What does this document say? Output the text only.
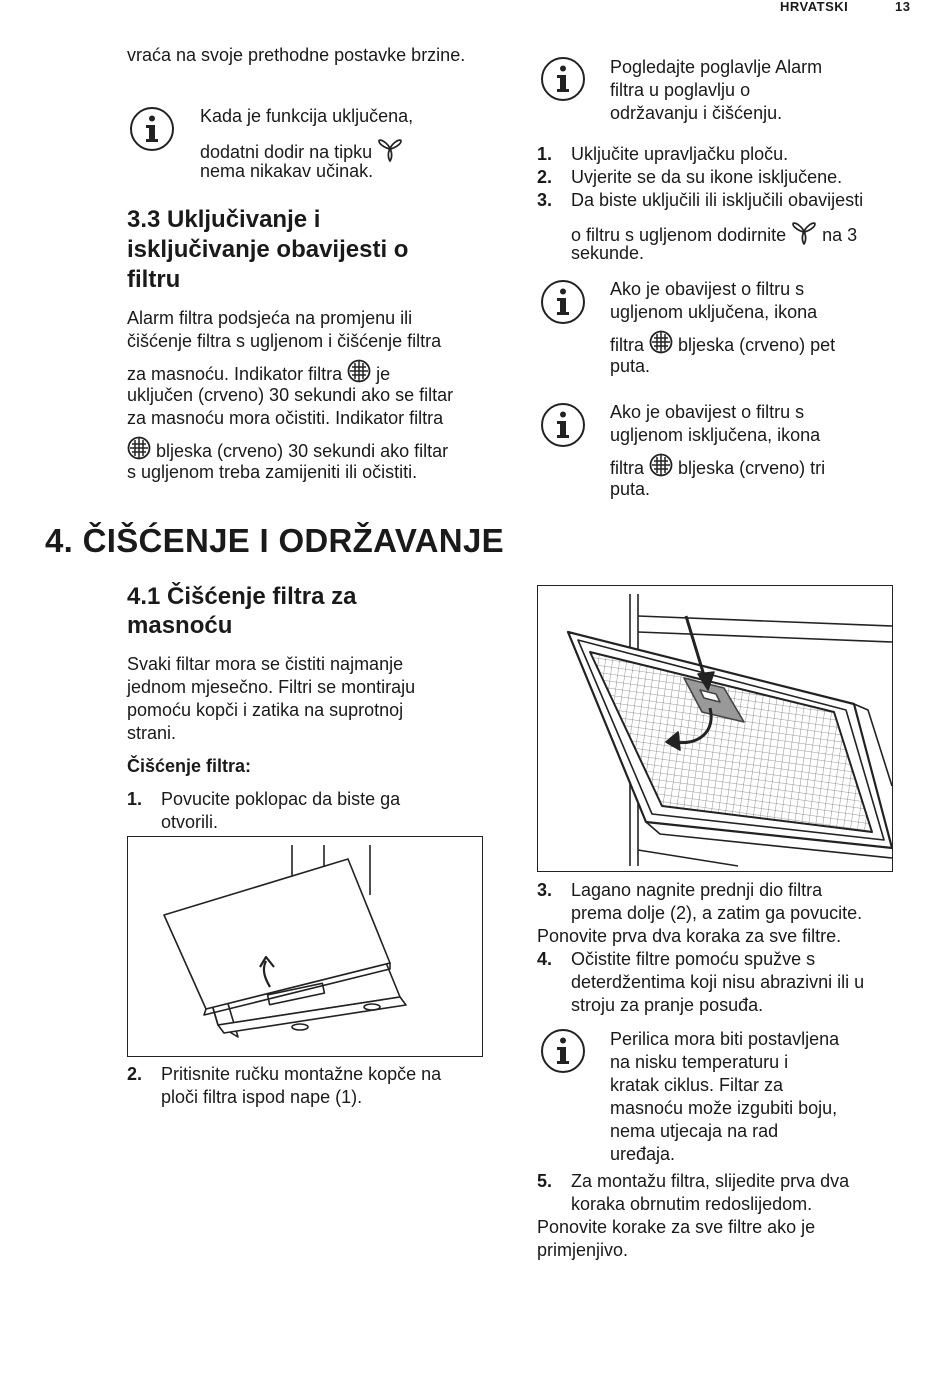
HRVATSKI	13

vraća na svoje prethodne postavke brzine.

Kada je funkcija uključena,
dodatni dodir na tipku
nema nikakav učinak.
3.3 Uključivanje i
isključivanje obavijesti o
filtru
Alarm filtra podsjeća na promjenu ili
čišćenje filtra s ugljenom i čišćenje filtra
za masnoću. Indikator filtra je
uključen (crveno) 30 sekundi ako se filtar
za masnoću mora očistiti. Indikator filtra
bljeska (crveno) 30 sekundi ako filtar
s ugljenom treba zamijeniti ili očistiti.
Pogledajte poglavlje Alarm
filtra u poglavlju o
održavanju i čišćenju.
1. Uključite upravljačku ploču.
2. Uvjerite se da su ikone isključene.
3. Da biste uključili ili isključili obavijesti
o filtru s ugljenom dodirnite na 3
sekunde.
Ako je obavijest o filtru s
ugljenom uključena, ikona
filtra bljeska (crveno) pet
puta.
Ako je obavijest o filtru s
ugljenom isključena, ikona
filtra bljeska (crveno) tri
puta.
4. ČIŠĆENJE I ODRŽAVANJE
4.1 Čišćenje filtra za
masnoću
Svaki filtar mora se čistiti najmanje
jednom mjesečno. Filtri se montiraju
pomoću kopči i zatika na suprotnoj
strani.
Čišćenje filtra:
1. Povucite poklopac da biste ga
otvorili.
2. Pritisnite ručku montažne kopče na
ploči filtra ispod nape (1).
3. Lagano nagnite prednji dio filtra
prema dolje (2), a zatim ga povucite.
Ponovite prva dva koraka za sve filtre.
4. Očistite filtre pomoću spužve s
deterdžentima koji nisu abrazivni ili u
stroju za pranje posuđa.
Perilica mora biti postavljena
na nisku temperaturu i
kratak ciklus. Filtar za
masnoću može izgubiti boju,
nema utjecaja na rad
uređaja.
5. Za montažu filtra, slijedite prva dva
koraka obrnutim redoslijedom.
Ponovite korake za sve filtre ako je
primjenjivo.
